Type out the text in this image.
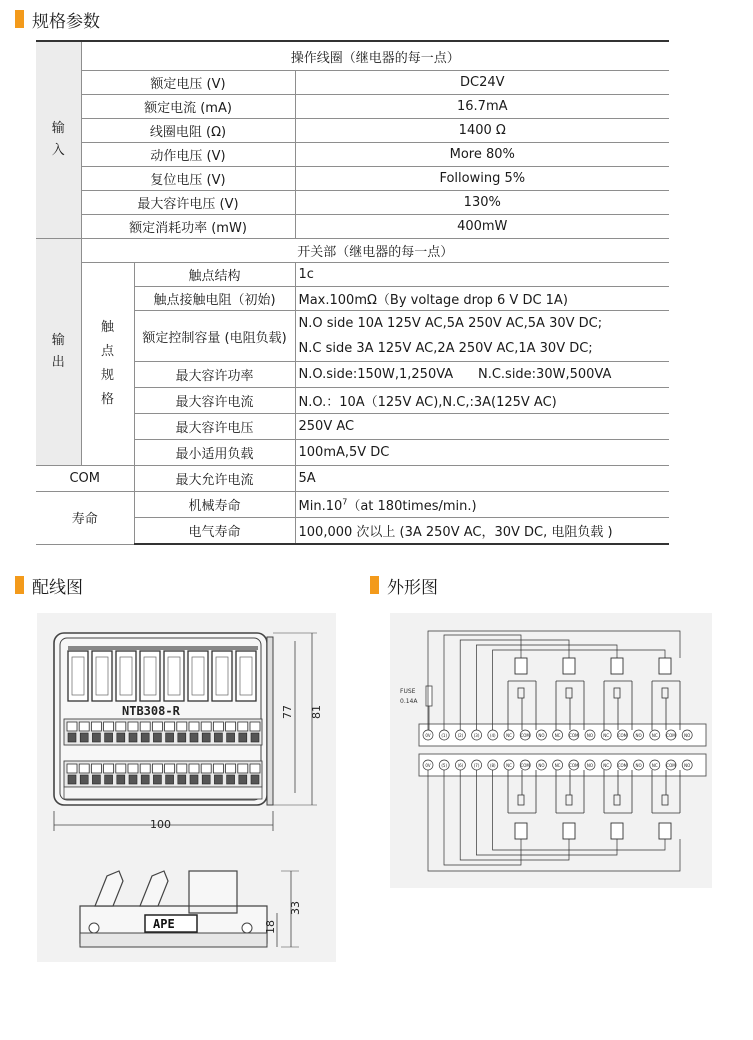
规格参数
输入	操作线圈（继电器的每一点）		
	额定电压 (V)		DC24V
	额定电流 (mA)		16.7mA
	线圈电阻 (Ω)		1400 Ω
	动作电压 (V)		More 80%
	复位电压 (V)		Following 5%
	最大容许电压 (V)		130%
	额定消耗功率 (mW)		400mW

输出	开关部（继电器的每一点）		

	触点规格	触点结构	1c
		触点接触电阻（初始)	Max.100mΩ（By voltage drop 6 V DC 1A)
		额定控制容量 (电阻负载)	N.O side 10A 125V AC,5A 250V AC,5A 30V DC;
			N.C side 3A 125V AC,2A 250V AC,1A 30V DC;
		最大容许功率	N.O.side:150W,1,250VA      N.C.side:30W,500VA
		最大容许电流	N.O.：10A（125V AC),N.C,:3A(125V AC)
		最大容许电压	250V AC
		最小适用负载	100mA,5V DC
COM		最大允许电流	5A
寿命		机械寿命	$Min.10^7(at$ 180times/min.)
		电气寿命	100,000 次以上 (3A 250V AC，30V DC, 电阻负载 )
配线图	外形图
NTB308-R
100
77 81
APE	18
33
FUSE
0.14A
0V	(1)	(2)	(3)	(4)	NC COM NO	NC COM NO	NC COM NO	NC COM NO
0V	(5)	(6)	(7)	(8)	NC COM NO	NC COM NO	NC COM NO	NC COM NO
